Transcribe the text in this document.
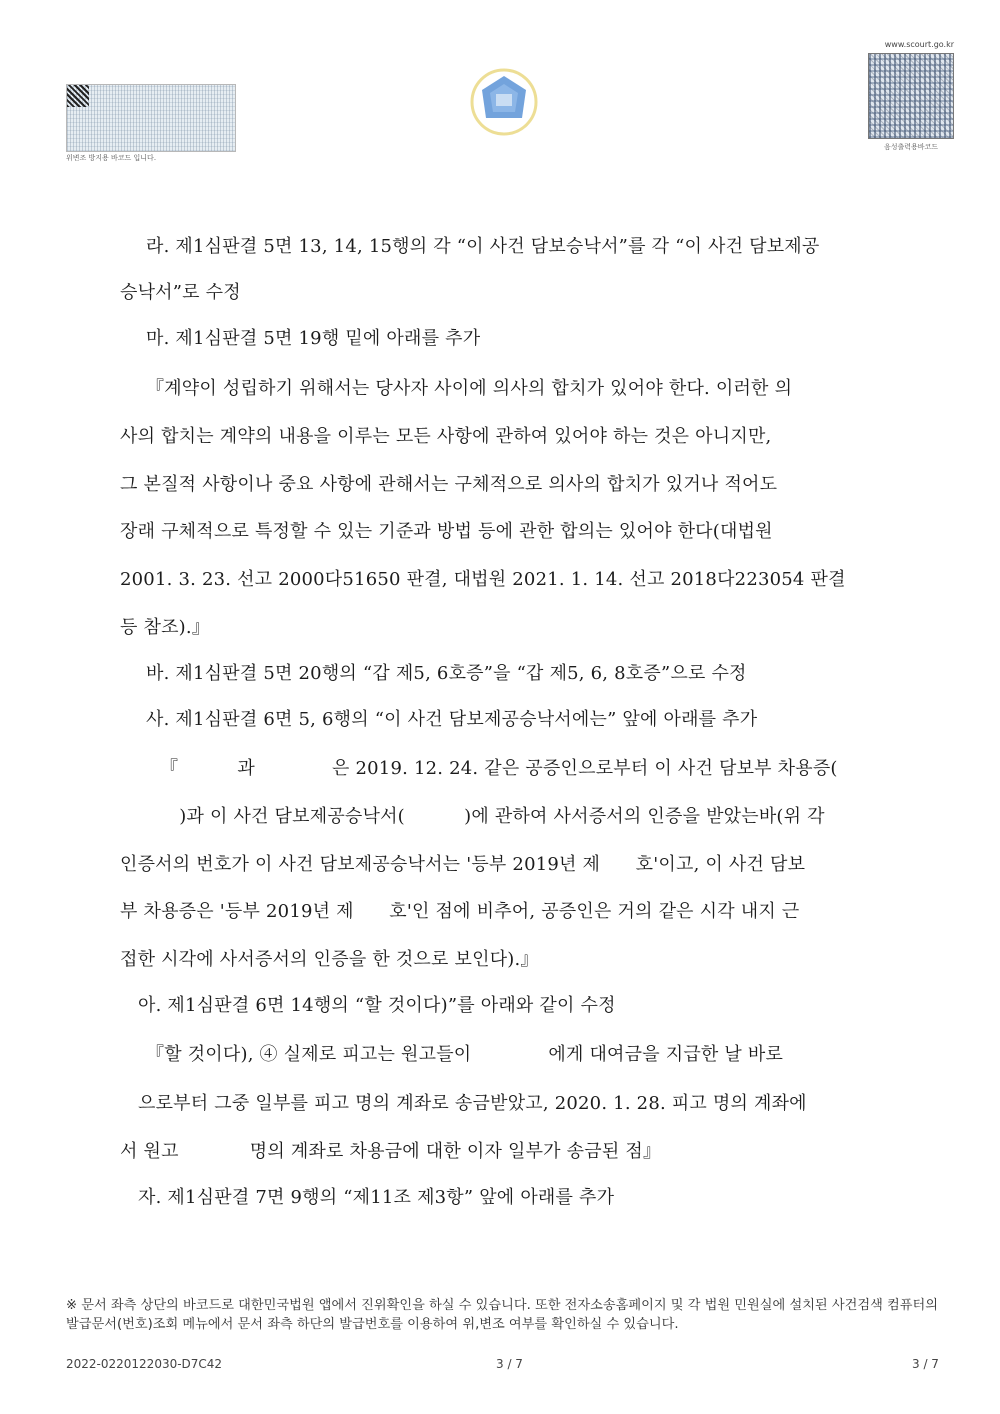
위변조 방지용 바코드 입니다.
www.scourt.go.kr
음성출력용바코드
라. 제1심판결 5면 13, 14, 15행의 각 “이 사건 담보승낙서”를 각 “이 사건 담보제공
승낙서”로 수정
마. 제1심판결 5면 19행 밑에 아래를 추가
『계약이 성립하기 위해서는 당사자 사이에 의사의 합치가 있어야 한다. 이러한 의
사의 합치는 계약의 내용을 이루는 모든 사항에 관하여 있어야 하는 것은 아니지만,
그 본질적 사항이나 중요 사항에 관해서는 구체적으로 의사의 합치가 있거나 적어도
장래 구체적으로 특정할 수 있는 기준과 방법 등에 관한 합의는 있어야 한다(대법원
2001. 3. 23. 선고 2000다51650 판결, 대법원 2021. 1. 14. 선고 2018다223054 판결
등 참조).』
바. 제1심판결 5면 20행의 “갑 제5, 6호증”을 “갑 제5, 6, 8호증”으로 수정
사. 제1심판결 6면 5, 6행의 “이 사건 담보제공승낙서에는” 앞에 아래를 추가
『          과             은 2019. 12. 24. 같은 공증인으로부터 이 사건 담보부 차용증(
)과 이 사건 담보제공승낙서(          )에 관하여 사서증서의 인증을 받았는바(위 각
인증서의 번호가 이 사건 담보제공승낙서는 '등부 2019년 제      호'이고, 이 사건 담보
부 차용증은 '등부 2019년 제      호'인 점에 비추어, 공증인은 거의 같은 시각 내지 근
접한 시각에 사서증서의 인증을 한 것으로 보인다).』
아. 제1심판결 6면 14행의 “할 것이다)”를 아래와 같이 수정
『할 것이다), ④ 실제로 피고는 원고들이             에게 대여금을 지급한 날 바로
으로부터 그중 일부를 피고 명의 계좌로 송금받았고, 2020. 1. 28. 피고 명의 계좌에
서 원고            명의 계좌로 차용금에 대한 이자 일부가 송금된 점』
자. 제1심판결 7면 9행의 “제11조 제3항” 앞에 아래를 추가
※ 문서 좌측 상단의 바코드로 대한민국법원 앱에서 진위확인을 하실 수 있습니다. 또한 전자소송홈페이지 및 각 법원 민원실에 설치된 사건검색 컴퓨터의 발급문서(번호)조회 메뉴에서 문서 좌측 하단의 발급번호를 이용하여 위,변조 여부를 확인하실 수 있습니다.
2022-0220122030-D7C42	3 / 7	3 / 7
